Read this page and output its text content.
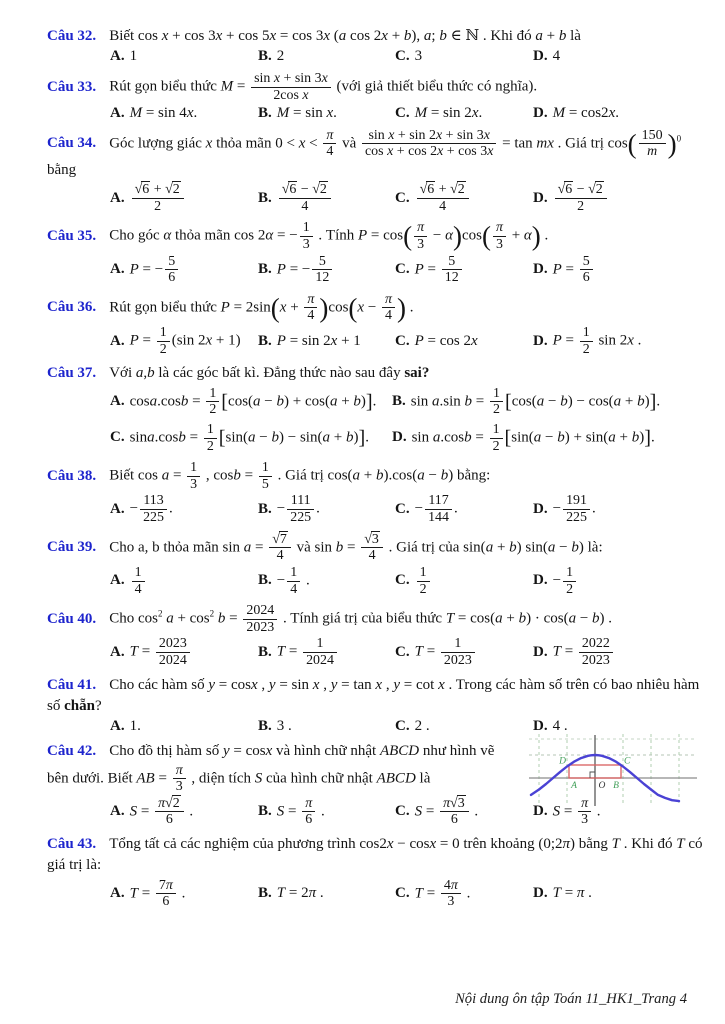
Câu 32. Biết cos x + cos 3x + cos 5x = cos 3x (a cos 2x + b), a; b ∈ ℕ . Khi đó a + b là
A. 1	B. 2	C. 3	D. 4
Câu 33. Rút gọn biểu thức $M = \frac{\text{sin x + sin 3x}}{\text{2cos x}}$ (với giả thiết biểu thức có nghĩa).
A. M = sin 4x.	B. M = sin x.	C. M = sin 2x.	D. M = cos2x.
Câu 34. Góc lượng giác x thỏa mãn $0 < x < \frac{\pi}{4}$ và $\frac{\text{sin x + sin 2x + sin 3x}}{\text{cos x + cos 2x + cos 3x}} = \tan$ mx . Giá trị $\cos( \frac{150}{m} )^0$ bằng
A. $\frac{√6 + √2}{2}$	B. $\frac{√6 - √2}{4}$	C. $\frac{√6 + √2}{4}$	D. $\frac{√6 - √2}{2}$
Câu 35. Cho góc α thỏa mãn cos 2α = − $\frac{1}{3}$ . Tính $P = \cos( \frac{\pi}{3} - \alpha)\cos( \frac{\pi}{3} + \alpha)$ .
A. P = − $\frac{5}{6}$	B. P = − $\frac{5}{12}$	C. $P = \frac{5}{12}$	D. $P = \frac{5}{6}$
Câu 36. Rút gọn biểu thức $P = 2\sin(x + \frac{\pi}{4} )\cos(x - \frac{\pi}{4}$ ) .
A. $P = \frac{1}{2} (\sin$ 2x + 1) B. P = sin 2x + 1 C. P = cos 2x	D. $P = \frac{1}{2}$ sin 2x .
Câu 37. Với a,b là các góc bất kì. Đẳng thức nào sau đây sai?
A. $\cos a.\cos b = \frac{1}{2} [\cos(a - b) + \cos(a + b)]$. B. sin a.sin $b = \frac{1}{2} [\cos(a - b) - \cos(a + b)]$.
C. $\sin a.\cos b = \frac{1}{2} [\sin(a - b) - \sin(a + b)]$. D. $\sin a.\cos b = \frac{1}{2} [\sin(a - b) + \sin(a + b)]$.
Câu 38. Biết $\cos a = \frac{1}{3}$ , $\cos b = \frac{1}{5}$ . Giá trị cos(a + b).cos(a − b) bằng:
A. − $\frac{113}{225}$ .	B. − $\frac{111}{225}$ .	C. − $\frac{117}{144}$ .	D. − $\frac{191}{225}$ .
Câu 39. Cho a, b thỏa mãn $\sin a = \frac{√7}{4}$ và $\sin b = \frac{√3}{4}$ . Giá trị của sin(a + b) sin(a − b) là:
A. $\frac{1}{4}$	B. − $\frac{1}{4}$ .	C. $\frac{1}{2}$	D. − $\frac{1}{2}$
Câu 40. Cho $\cos^2 a + \cos^2 b = \frac{2024}{2023}$ . Tính giá trị của biểu thức T = cos(a + b) · cos(a − b) .
A. $T = \frac{2023}{2024}$	B. $T = \frac{1}{2024}$	C. $T = \frac{1}{2023}$	D. $T = \frac{2022}{2023}$
Câu 41. Cho các hàm số y = cosx , y = sin x , y = tan x , y = cot x . Trong các hàm số trên có bao nhiêu hàm số chẵn?
A. 1.	B. 3 .	C. 2 .	D. 4 .
Câu 42. Cho đồ thị hàm số y = cosx và hình chữ nhật ABCD như hình vẽ bên dưới. Biết AB = $\frac{\pi}{3}$ , diện tích S của hình chữ nhật ABCD là
D	C
A O B
A. $S = \frac{\pi√2}{6}$ .	B. $S = \frac{\pi}{6}$ .	C. $S = \frac{\pi√3}{6}$ .	D. $S = \frac{\pi}{3}$ .
Câu 43. Tổng tất cả các nghiệm của phương trình cos2x − cosx = 0 trên khoảng (0;2π) bằng T . Khi đó T có giá trị là:
A. $T = \frac{7\pi}{6}$ .	B. T = 2π .	C. $T = \frac{4\pi}{3}$ .	D. T = π .
Nội dung ôn tập Toán 11_HK1_Trang 4
